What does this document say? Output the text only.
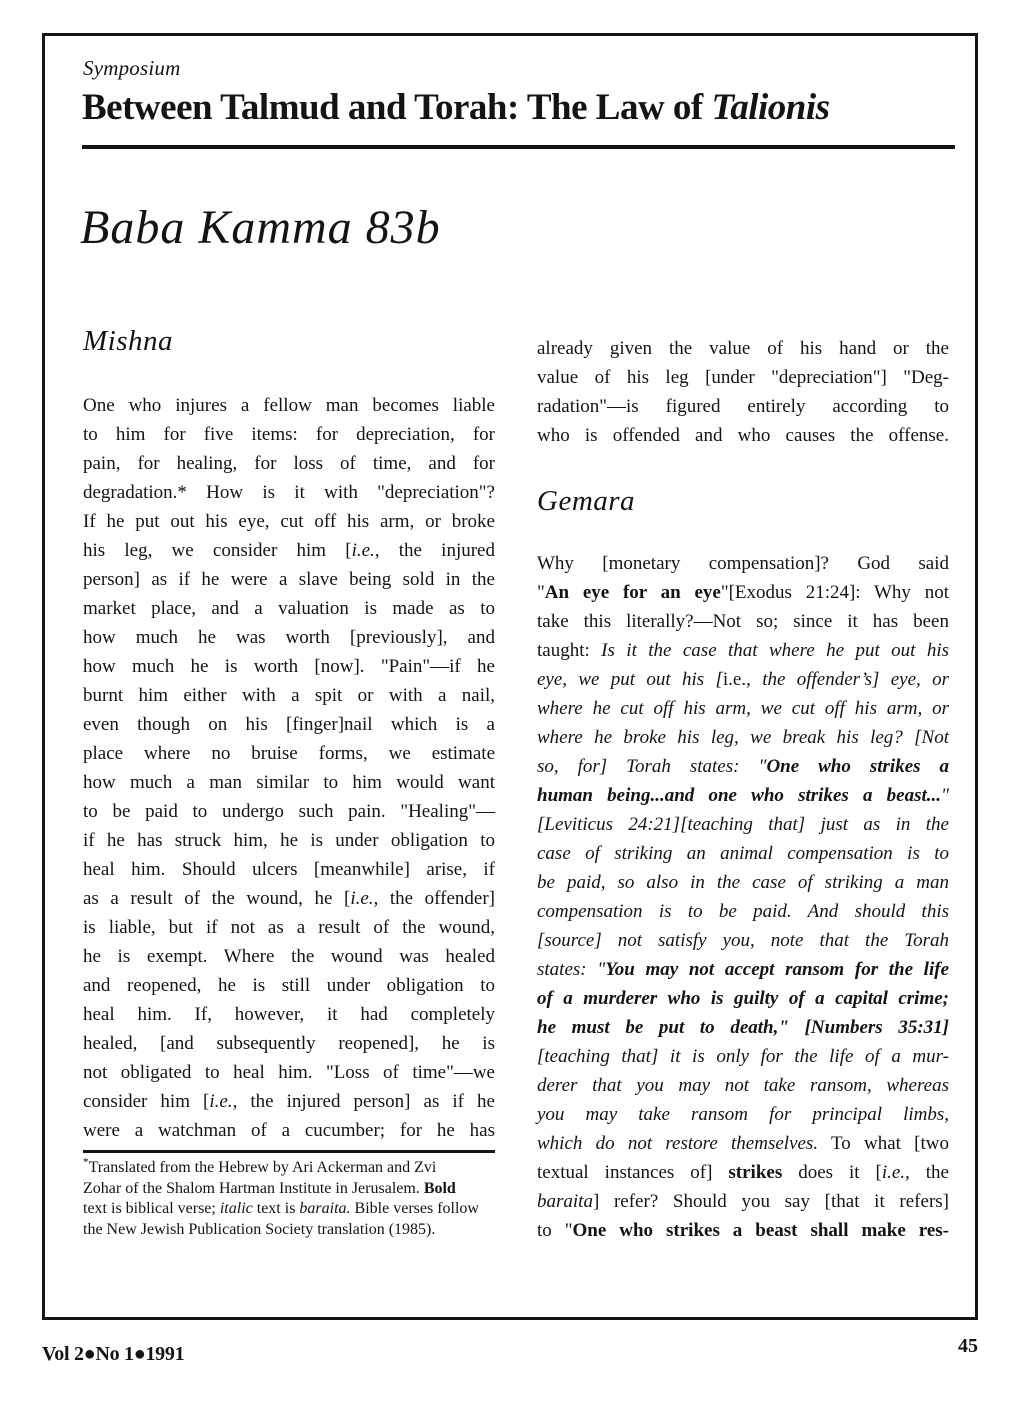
Symposium
Between Talmud and Torah: The Law of Talionis
Baba Kamma 83b
Mishna
One who injures a fellow man becomes liable
to him for five items: for depreciation, for
pain, for healing, for loss of time, and for
degradation.* How is it with "depreciation"?
If he put out his eye, cut off his arm, or broke
his leg, we consider him [i.e., the injured
person] as if he were a slave being sold in the
market place, and a valuation is made as to
how much he was worth [previously], and
how much he is worth [now]. "Pain"—if he
burnt him either with a spit or with a nail,
even though on his [finger]nail which is a
place where no bruise forms, we estimate
how much a man similar to him would want
to be paid to undergo such pain. "Healing"—
if he has struck him, he is under obligation to
heal him. Should ulcers [meanwhile] arise, if
as a result of the wound, he [i.e., the offender]
is liable, but if not as a result of the wound,
he is exempt. Where the wound was healed
and reopened, he is still under obligation to
heal him. If, however, it had completely
healed, [and subsequently reopened], he is
not obligated to heal him. "Loss of time"—we
consider him [i.e., the injured person] as if he
were a watchman of a cucumber; for he has
*Translated from the Hebrew by Ari Ackerman and Zvi
Zohar of the Shalom Hartman Institute in Jerusalem. Bold
text is biblical verse; italic text is baraita. Bible verses follow
the New Jewish Publication Society translation (1985).
already given the value of his hand or the
value of his leg [under "depreciation"] "Deg-
radation"—is figured entirely according to
who is offended and who causes the offense.
Gemara
Why [monetary compensation]? God said
"An eye for an eye"[Exodus 21:24]: Why not
take this literally?—Not so; since it has been
taught: Is it the case that where he put out his
eye, we put out his [i.e., the offender’s] eye, or
where he cut off his arm, we cut off his arm, or
where he broke his leg, we break his leg? [Not
so, for] Torah states: "One who strikes a
human being...and one who strikes a beast..."
[Leviticus 24:21][teaching that] just as in the
case of striking an animal compensation is to
be paid, so also in the case of striking a man
compensation is to be paid. And should this
[source] not satisfy you, note that the Torah
states: "You may not accept ransom for the life
of a murderer who is guilty of a capital crime;
he must be put to death," [Numbers 35:31]
[teaching that] it is only for the life of a mur-
derer that you may not take ransom, whereas
you may take ransom for principal limbs,
which do not restore themselves. To what [two
textual instances of] strikes does it [i.e., the
baraita] refer? Should you say [that it refers]
to "One who strikes a beast shall make res-
Vol 2●No 1●1991	45
